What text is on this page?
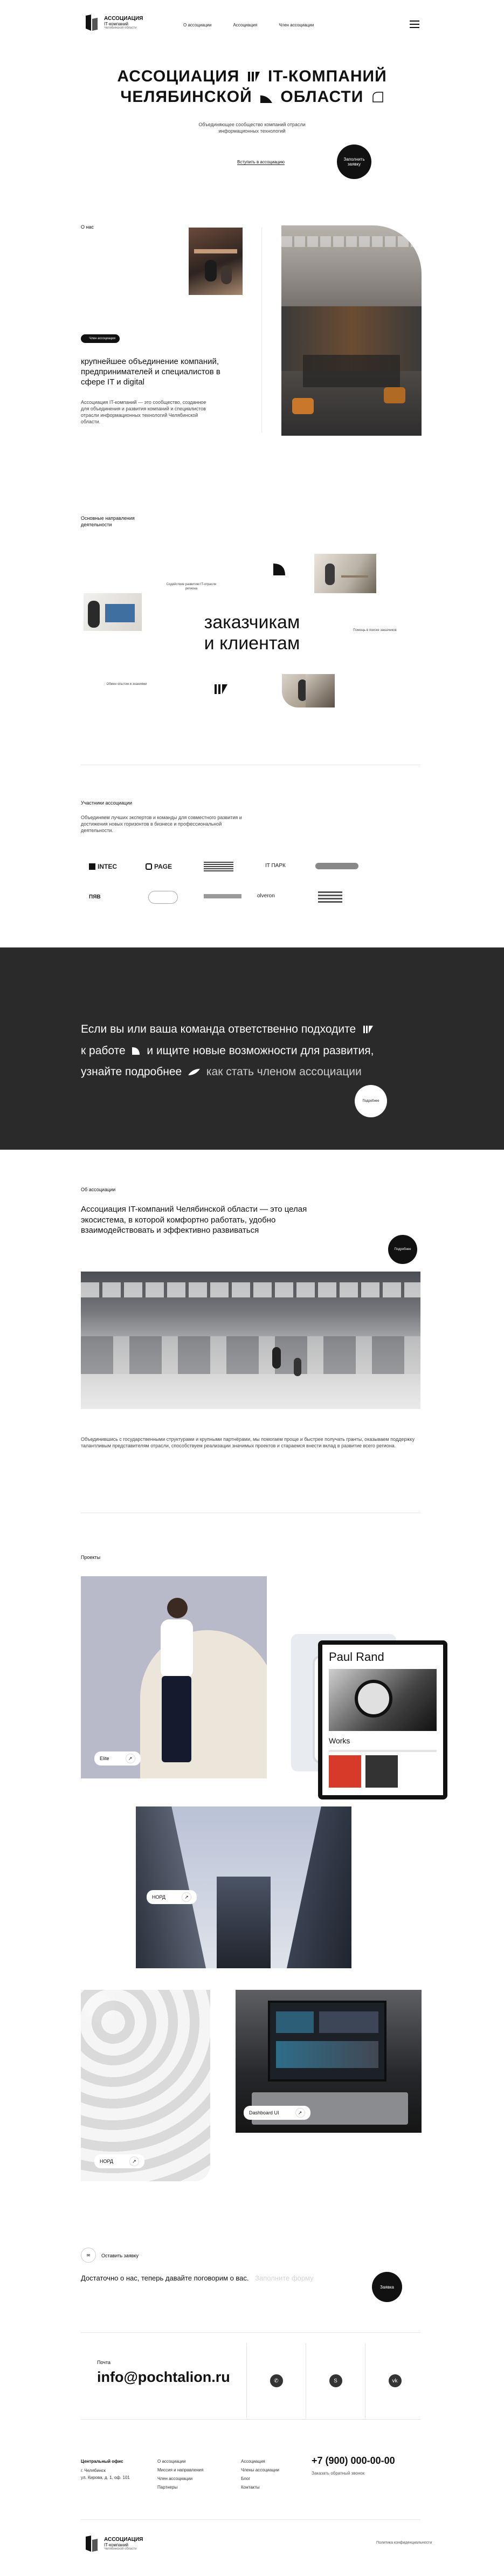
АССОЦИАЦИЯ
IT-компаний
Челябинской области
О ассоциации	Ассоциация	Член ассоциации
АССОЦИАЦИЯ IT-КОМПАНИЙ
ЧЕЛЯБИНСКОЙ ОБЛАСТИ
Объединяющее сообщество компаний отрасли информационных технологий
Вступить в ассоциацию
Заполнить заявку
О нас
Член ассоциации
крупнейшее объединение компаний, предпринимателей и специалистов в сфере IT и digital
Ассоциация IT-компаний — это сообщество, созданное для объединения и развития компаний и специалистов отрасли информационных технологий Челябинской области.
Основные направления деятельности
Содействие развитию IT-отрасли региона
заказчикам
и клиентам
Помощь в поиске заказчиков
Обмен опытом и знаниями
Участники ассоциации
Объединяем лучших экспертов и команды для совместного развития и достижения новых горизонтов в бизнесе и профессиональной деятельности.
INTEC	PAGE	IT ПАРК
ПЯВ	olveron
Если вы или ваша команда ответственно подходите
к работе и ищите новые возможности для развития,
узнайте подробнее как стать членом ассоциации
Подробнее
Об ассоциации
Ассоциация IT-компаний Челябинской области — это целая экосистема, в которой комфортно работать, удобно взаимодействовать и эффективно развиваться
Подробнее
Объединившись с государственными структурами и крупными партнёрами, мы помогаем проще и быстрее получать гранты, оказываем поддержку талантливым представителям отрасли, способствуем реализации значимых проектов и стараемся внести вклад в развитие всего региона.
Проекты
Elite	↗
Paul Rand
Works
НОРД	↗
НОРД	↗
Dashboard UI	↗
✉	Оставить заявку
Достаточно о нас, теперь давайте поговорим о вас. Заполните форму
Заявка
Почта
info@pochtalion.ru	✆	S	vk
Центральный офис
г. Челябинск
ул. Кирова, д. 1, оф. 101
О ассоциации
Миссия и направления
Член ассоциации
Партнеры
Ассоциация
Члены ассоциации
Блог
Контакты
+7 (900) 000-00-00
Заказать обратный звонок
АССОЦИАЦИЯ
IT-компаний
Челябинской области
Политика конфиденциальности
